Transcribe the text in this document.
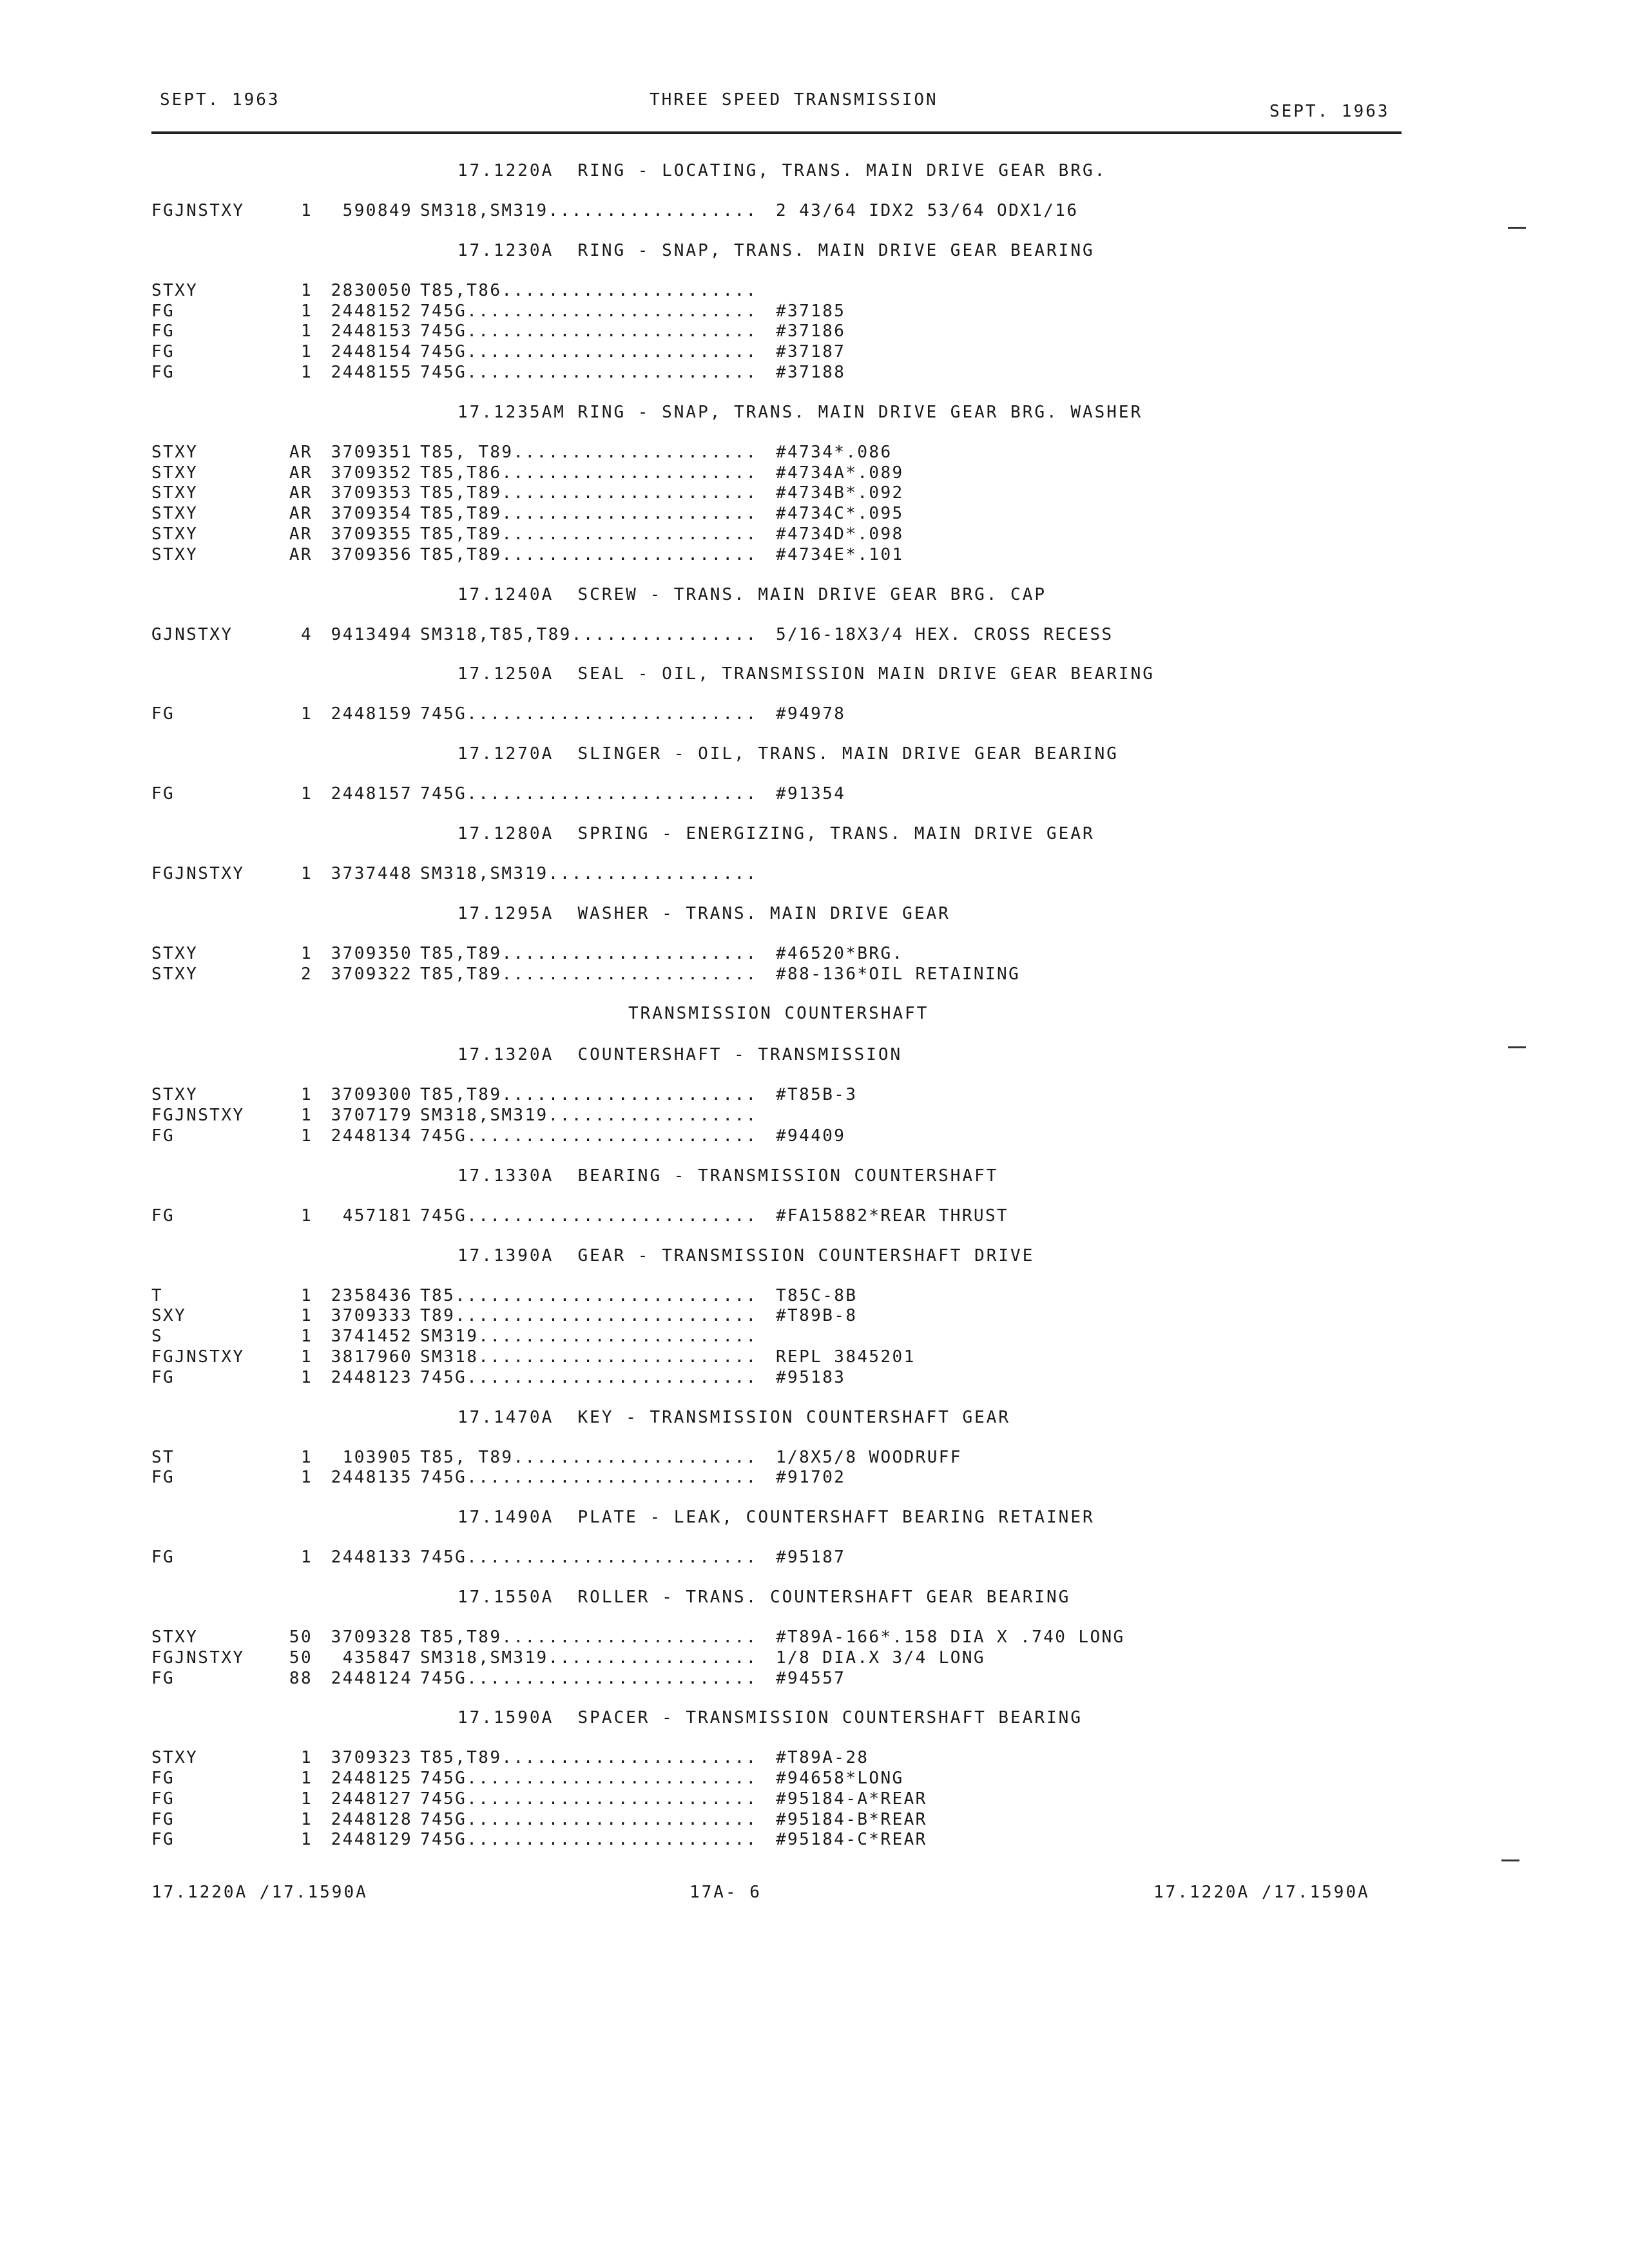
SEPT. 1963	THREE SPEED TRANSMISSION
SEPT. 1963
17.1220A  RING - LOCATING, TRANS. MAIN DRIVE GEAR BRG.
FGJNSTXY	1	590849 SM318,SM319..................	2 43/64 IDX2 53/64 ODX1/16
17.1230A  RING - SNAP, TRANS. MAIN DRIVE GEAR BEARING
STXY	1	2830050 T85,T86......................
FG	1	2448152 745G.........................	#37185
FG	1	2448153 745G.........................	#37186
FG	1	2448154 745G.........................	#37187
FG	1	2448155 745G.........................	#37188
17.1235AM RING - SNAP, TRANS. MAIN DRIVE GEAR BRG. WASHER
STXY	AR	3709351 T85, T89.....................	#4734*.086
STXY	AR	3709352 T85,T86......................	#4734A*.089
STXY	AR	3709353 T85,T89......................	#4734B*.092
STXY	AR	3709354 T85,T89......................	#4734C*.095
STXY	AR	3709355 T85,T89......................	#4734D*.098
STXY	AR	3709356 T85,T89......................	#4734E*.101
17.1240A  SCREW - TRANS. MAIN DRIVE GEAR BRG. CAP
GJNSTXY	4	9413494 SM318,T85,T89................	5/16-18X3/4 HEX. CROSS RECESS
17.1250A  SEAL - OIL, TRANSMISSION MAIN DRIVE GEAR BEARING
FG	1	2448159 745G.........................	#94978
17.1270A  SLINGER - OIL, TRANS. MAIN DRIVE GEAR BEARING
FG	1	2448157 745G.........................	#91354
17.1280A  SPRING - ENERGIZING, TRANS. MAIN DRIVE GEAR
FGJNSTXY	1	3737448 SM318,SM319..................
17.1295A  WASHER - TRANS. MAIN DRIVE GEAR
STXY	1	3709350 T85,T89......................	#46520*BRG.
STXY	2	3709322 T85,T89......................	#88-136*OIL RETAINING
TRANSMISSION COUNTERSHAFT
17.1320A  COUNTERSHAFT - TRANSMISSION
STXY	1	3709300 T85,T89......................	#T85B-3
FGJNSTXY	1	3707179 SM318,SM319..................
FG	1	2448134 745G.........................	#94409
17.1330A  BEARING - TRANSMISSION COUNTERSHAFT
FG	1	457181 745G.........................	#FA15882*REAR THRUST
17.1390A  GEAR - TRANSMISSION COUNTERSHAFT DRIVE
T	1	2358436 T85..........................	T85C-8B
SXY	1	3709333 T89..........................	#T89B-8
S	1	3741452 SM319........................
FGJNSTXY	1	3817960 SM318........................	REPL 3845201
FG	1	2448123 745G.........................	#95183
17.1470A  KEY - TRANSMISSION COUNTERSHAFT GEAR
ST	1	103905 T85, T89.....................	1/8X5/8 WOODRUFF
FG	1	2448135 745G.........................	#91702
17.1490A  PLATE - LEAK, COUNTERSHAFT BEARING RETAINER
FG	1	2448133 745G.........................	#95187
17.1550A  ROLLER - TRANS. COUNTERSHAFT GEAR BEARING
STXY	50	3709328 T85,T89......................	#T89A-166*.158 DIA X .740 LONG
FGJNSTXY	50	435847 SM318,SM319..................	1/8 DIA.X 3/4 LONG
FG	88	2448124 745G.........................	#94557
17.1590A  SPACER - TRANSMISSION COUNTERSHAFT BEARING
STXY	1	3709323 T85,T89......................	#T89A-28
FG	1	2448125 745G.........................	#94658*LONG
FG	1	2448127 745G.........................	#95184-A*REAR
FG	1	2448128 745G.........................	#95184-B*REAR
FG	1	2448129 745G.........................	#95184-C*REAR
17.1220A /17.1590A	17A- 6	17.1220A /17.1590A
